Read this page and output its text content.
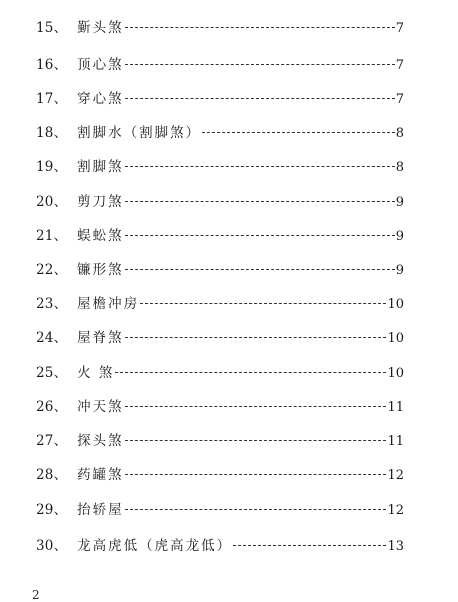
15 、 斳头煞	7
16 、 顶心煞	7
17 、 穿心煞	7
18 、 割脚水（割脚煞）	8
19 、 割脚煞	8
20 、 剪刀煞	9
21 、 蜈蚣煞	9
22 、 镰形煞	9
23 、 屋檐冲房	10
24 、 屋脊煞	10
25 、 火 煞	10
26 、 冲天煞	11
27 、 探头煞	11
28 、 药罐煞	12
29 、 抬轿屋	12
30 、 龙高虎低（虎高龙低）	13
2
